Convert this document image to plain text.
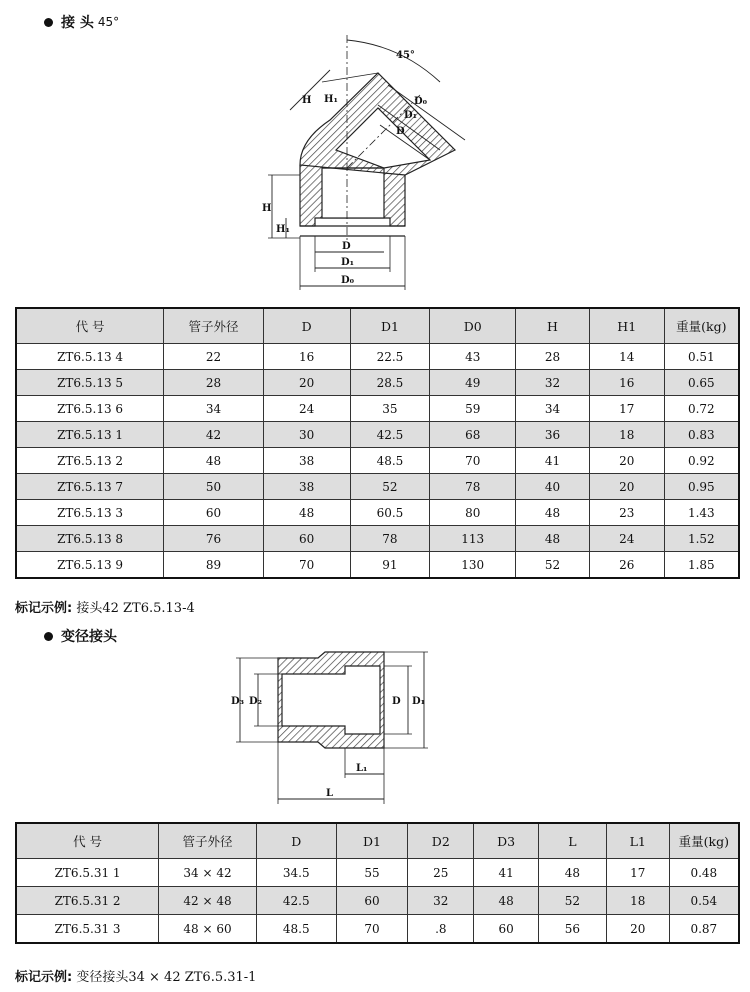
接 头 45°
45°
H H₁	D₀
D₁
D
H
H₁
D
D₁
D₀
代 号	管子外径	D	D1	D0	H	H1	重量(kg)
ZT6.5.13 4	22	16	22.5	43	28	14	0.51
ZT6.5.13 5	28	20	28.5	49	32	16	0.65
ZT6.5.13 6	34	24	35	59	34	17	0.72
ZT6.5.13 1	42	30	42.5	68	36	18	0.83
ZT6.5.13 2	48	38	48.5	70	41	20	0.92
ZT6.5.13 7	50	38	52	78	40	20	0.95
ZT6.5.13 3	60	48	60.5	80	48	23	1.43
ZT6.5.13 8	76	60	78	113	48	24	1.52
ZT6.5.13 9	89	70	91	130	52	26	1.85
标记示例: 接头42 ZT6.5.13-4
变径接头
D₃ D₂	D D₁
L₁
L
代 号	管子外径	D	D1	D2	D3	L	L1	重量(kg)
ZT6.5.31 1	34 × 42	34.5	55	25	41	48	17	0.48
ZT6.5.31 2	42 × 48	42.5	60	32	48	52	18	0.54
ZT6.5.31 3	48 × 60	48.5	70	.8	60	56	20	0.87
标记示例: 变径接头34 × 42 ZT6.5.31-1
